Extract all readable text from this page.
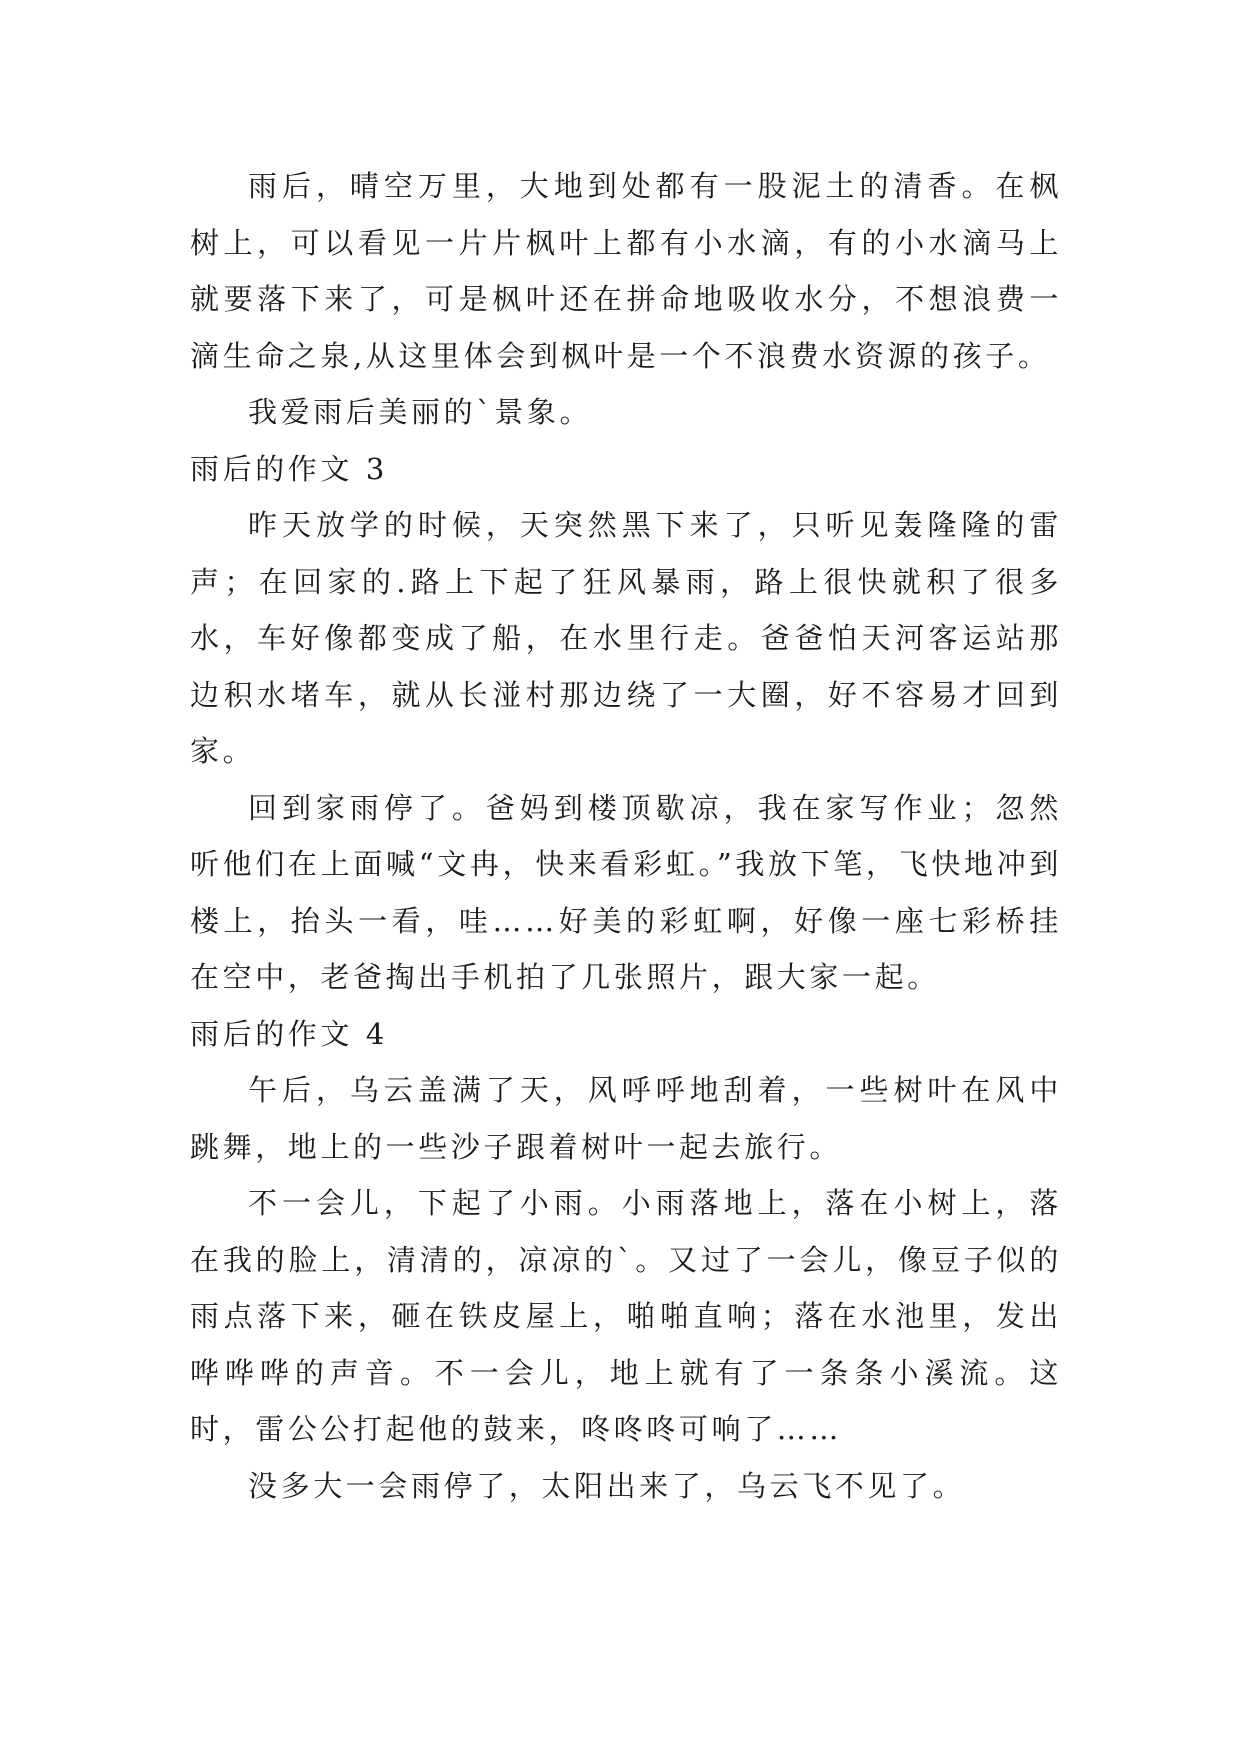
雨后，晴空万里，大地到处都有一股泥土的清香。在枫树上，可以看见一片片枫叶上都有小水滴，有的小水滴马上就要落下来了，可是枫叶还在拼命地吸收水分，不想浪费一滴生命之泉,从这里体会到枫叶是一个不浪费水资源的孩子。

我爱雨后美丽的`景象。

雨后的作文 3

昨天放学的时候，天突然黑下来了，只听见轰隆隆的雷声；在回家的.路上下起了狂风暴雨，路上很快就积了很多水，车好像都变成了船，在水里行走。爸爸怕天河客运站那边积水堵车，就从长湴村那边绕了一大圈，好不容易才回到家。

回到家雨停了。爸妈到楼顶歇凉，我在家写作业；忽然听他们在上面喊“文冉，快来看彩虹。”我放下笔，飞快地冲到楼上，抬头一看，哇……好美的彩虹啊，好像一座七彩桥挂在空中，老爸掏出手机拍了几张照片，跟大家一起。

雨后的作文 4

午后，乌云盖满了天，风呼呼地刮着，一些树叶在风中跳舞，地上的一些沙子跟着树叶一起去旅行。

不一会儿，下起了小雨。小雨落地上，落在小树上，落在我的脸上，清清的，凉凉的`。又过了一会儿，像豆子似的雨点落下来，砸在铁皮屋上，啪啪直响；落在水池里，发出哗哗哗的声音。不一会儿，地上就有了一条条小溪流。这时，雷公公打起他的鼓来，咚咚咚可响了……

没多大一会雨停了，太阳出来了，乌云飞不见了。
